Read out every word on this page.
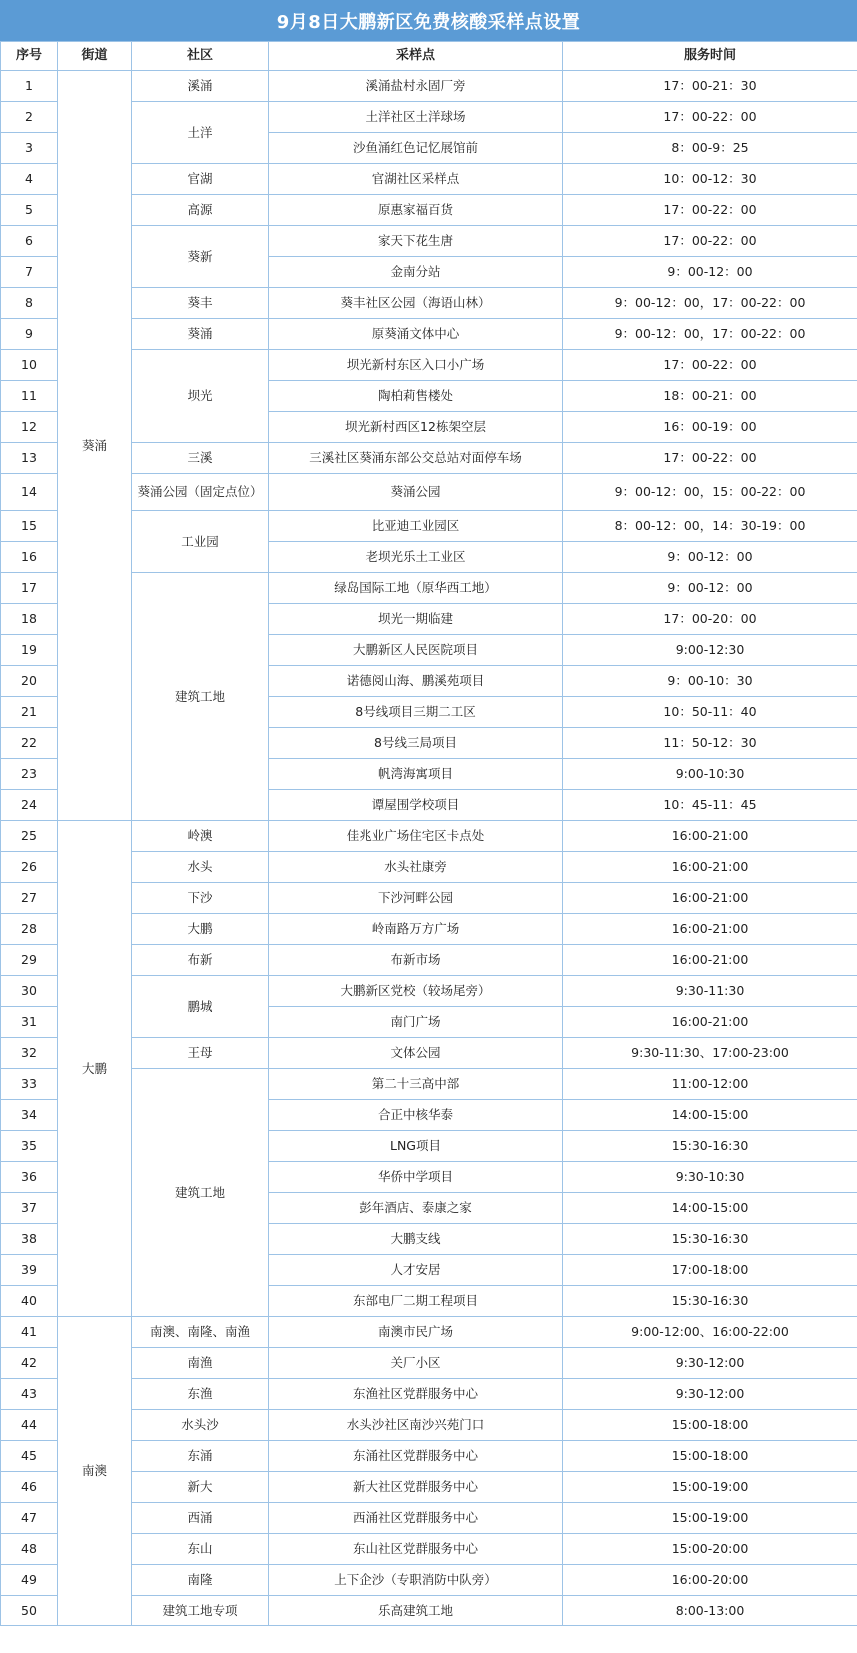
9月8日大鹏新区免费核酸采样点设置
序号	街道	社区	采样点	服务时间
1	葵涌	溪涌	溪涌盐村永固厂旁	17：00-21：30
2		土洋	土洋社区土洋球场	17：00-22：00
3			沙鱼涌红色记忆展馆前	8：00-9：25
4		官湖	官湖社区采样点	10：00-12：30
5		高源	原惠家福百货	17：00-22：00
6		葵新	家天下花生唐	17：00-22：00
7			金南分站	9：00-12：00
8		葵丰	葵丰社区公园（海语山林）	9：00-12：00，17：00-22：00
9		葵涌	原葵涌文体中心	9：00-12：00，17：00-22：00
10		坝光	坝光新村东区入口小广场	17：00-22：00
11			陶柏莉售楼处	18：00-21：00
12			坝光新村西区12栋架空层	16：00-19：00
13		三溪	三溪社区葵涌东部公交总站对面停车场	17：00-22：00
14		葵涌公园（固定点位）	葵涌公园	9：00-12：00，15：00-22：00
15		工业园	比亚迪工业园区	8：00-12：00，14：30-19：00
16			老坝光乐土工业区	9：00-12：00
17		建筑工地	绿岛国际工地（原华西工地）	9：00-12：00
18			坝光一期临建	17：00-20：00
19			大鹏新区人民医院项目	9:00-12:30
20			诺德阅山海、鹏溪苑项目	9：00-10：30
21			8号线项目三期二工区	10：50-11：40
22			8号线三局项目	11：50-12：30
23			帆湾海寓项目	9:00-10:30
24			谭屋围学校项目	10：45-11：45
25	大鹏	岭澳	佳兆业广场住宅区卡点处	16:00-21:00
26		水头	水头社康旁	16:00-21:00
27		下沙	下沙河畔公园	16:00-21:00
28		大鹏	岭南路万方广场	16:00-21:00
29		布新	布新市场	16:00-21:00
30		鹏城	大鹏新区党校（较场尾旁）	9:30-11:30
31			南门广场	16:00-21:00
32		王母	文体公园	9:30-11:30、17:00-23:00
33		建筑工地	第二十三高中部	11:00-12:00
34			合正中核华泰	14:00-15:00
35			LNG项目	15:30-16:30
36			华侨中学项目	9:30-10:30
37			彭年酒店、泰康之家	14:00-15:00
38			大鹏支线	15:30-16:30
39			人才安居	17:00-18:00
40			东部电厂二期工程项目	15:30-16:30
41	南澳	南澳、南隆、南渔	南澳市民广场	9:00-12:00、16:00-22:00
42		南渔	关厂小区	9:30-12:00
43		东渔	东渔社区党群服务中心	9:30-12:00
44		水头沙	水头沙社区南沙兴苑门口	15:00-18:00
45		东涌	东涌社区党群服务中心	15:00-18:00
46		新大	新大社区党群服务中心	15:00-19:00
47		西涌	西涌社区党群服务中心	15:00-19:00
48		东山	东山社区党群服务中心	15:00-20:00
49		南隆	上下企沙（专职消防中队旁）	16:00-20:00
50		建筑工地专项	乐高建筑工地	8:00-13:00
